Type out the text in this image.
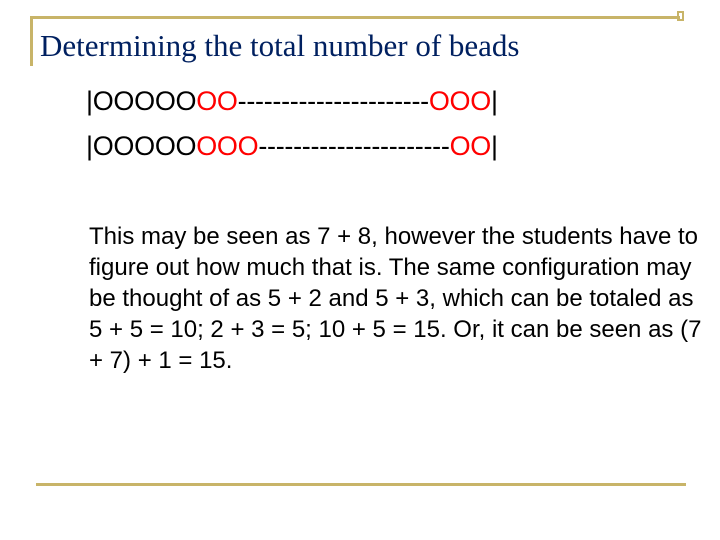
Determining the total number of beads
|OOOOOOO----------------------OOO|
|OOOOOOOO----------------------OO|

This may be seen as 7 + 8, however the students have to figure out how much that is. The same configuration may be thought of as 5 + 2 and 5 + 3, which can be totaled as 5 + 5 = 10; 2 + 3 = 5; 10 + 5 = 15. Or, it can be seen as (7 + 7) + 1 = 15.
